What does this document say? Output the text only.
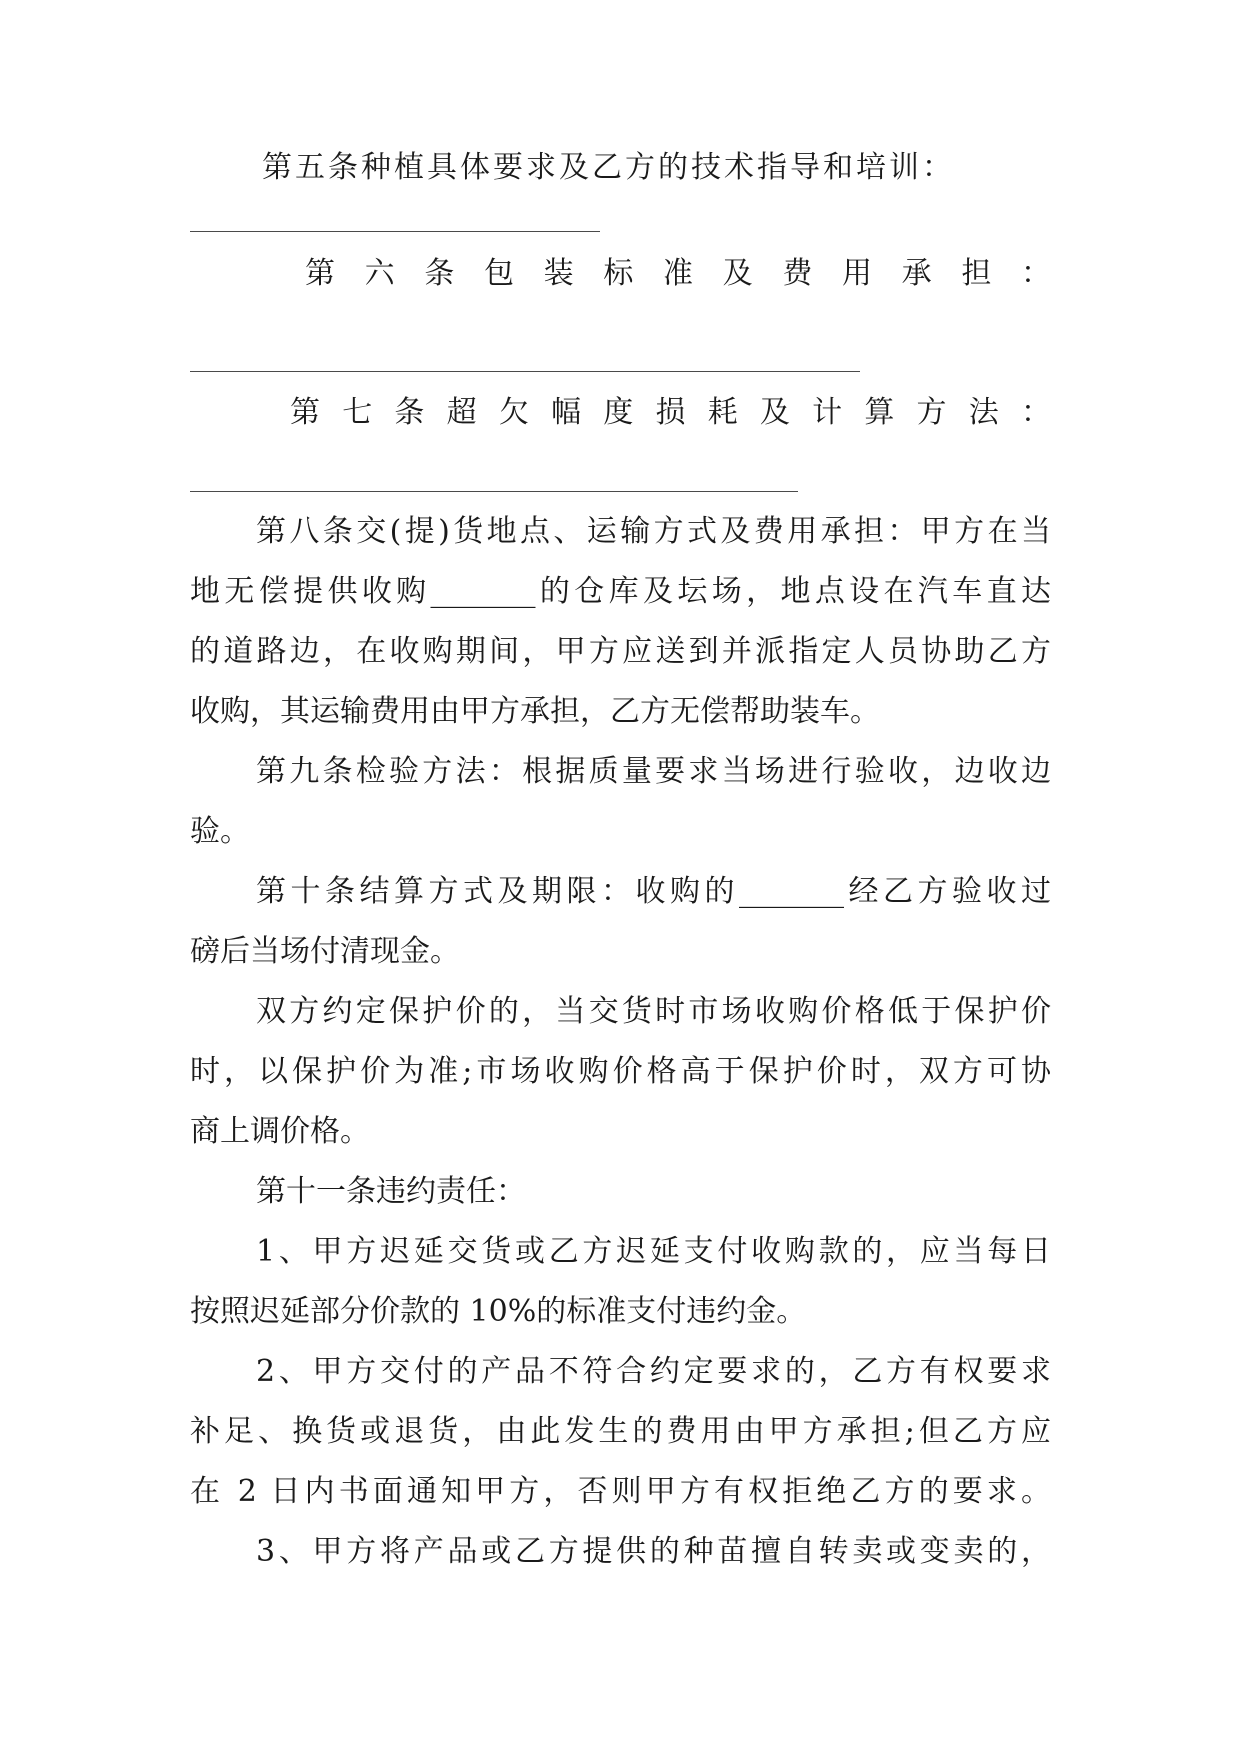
第五条种植具体要求及乙方的技术指导和培训：
第 六 条 包 装 标 准 及 费 用 承 担 ：
第 七 条 超 欠 幅 度 损 耗 及 计 算 方 法 ：
第八条交(提)货地点、运输方式及费用承担：甲方在当
地无偿提供收购_______的仓库及坛场，地点设在汽车直达
的道路边，在收购期间，甲方应送到并派指定人员协助乙方
收购，其运输费用由甲方承担，乙方无偿帮助装车。
第九条检验方法：根据质量要求当场进行验收，边收边
验。
第十条结算方式及期限：收购的_______经乙方验收过
磅后当场付清现金。
双方约定保护价的，当交货时市场收购价格低于保护价
时，以保护价为准;市场收购价格高于保护价时，双方可协
商上调价格。
第十一条违约责任：
1、甲方迟延交货或乙方迟延支付收购款的，应当每日
按照迟延部分价款的 10%的标准支付违约金。
2、甲方交付的产品不符合约定要求的，乙方有权要求
补足、换货或退货，由此发生的费用由甲方承担;但乙方应
在 2 日内书面通知甲方，否则甲方有权拒绝乙方的要求。
3、甲方将产品或乙方提供的种苗擅自转卖或变卖的，
